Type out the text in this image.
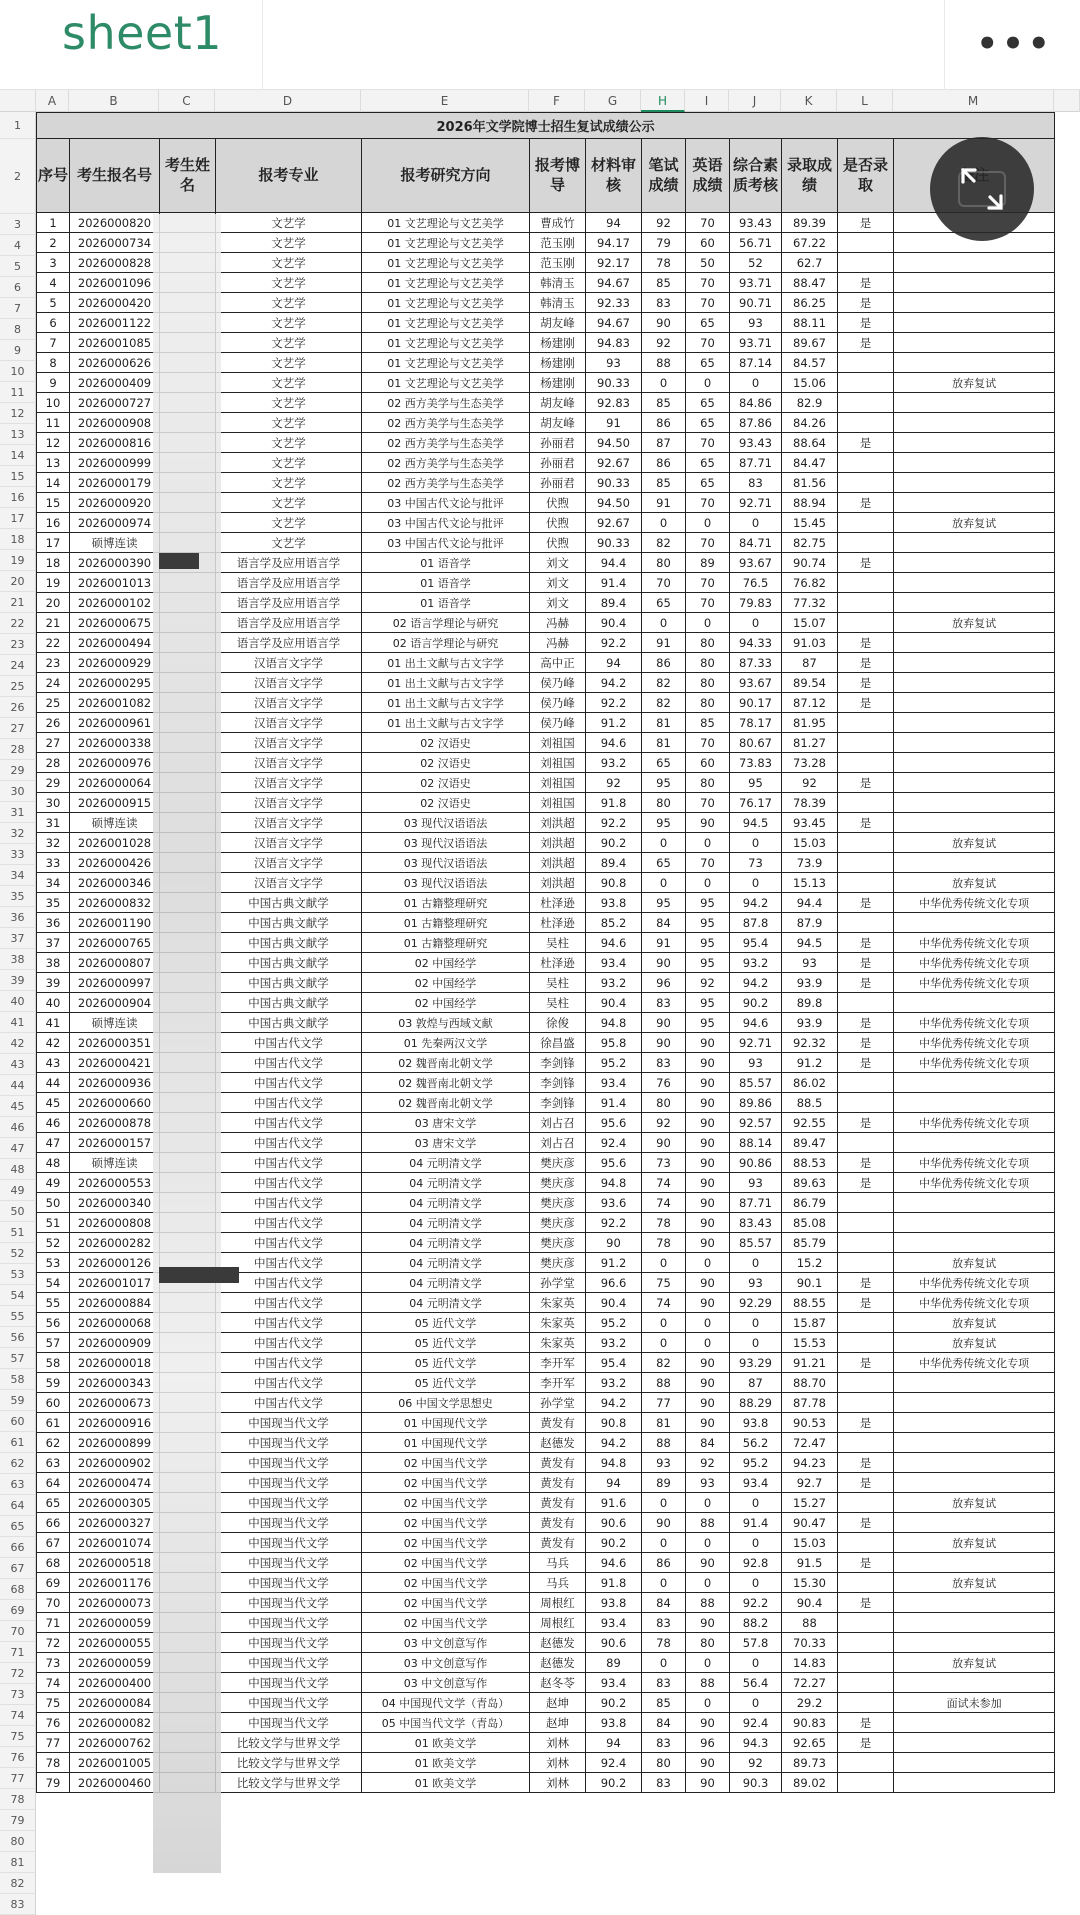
sheet1	•••
A	B	C	D	E	F	G	H	I	J	K	L	M
2026年文学院博士招生复试成绩公示												
序号	考生报名号	考生姓名	报考专业	报考研究方向	报考博导	材料审核	笔试成绩	英语成绩	综合素质考核	录取成绩	是否录取	
1	2026000820		文艺学	01 文艺理论与文艺美学	曹成竹	94	92	70	93.43	89.39	是	
2	2026000734		文艺学	01 文艺理论与文艺美学	范玉刚	94.17	79	60	56.71	67.22		
3	2026000828		文艺学	01 文艺理论与文艺美学	范玉刚	92.17	78	50	52	62.7		
4	2026001096		文艺学	01 文艺理论与文艺美学	韩清玉	94.67	85	70	93.71	88.47	是	
5	2026000420		文艺学	01 文艺理论与文艺美学	韩清玉	92.33	83	70	90.71	86.25	是	
6	2026001122		文艺学	01 文艺理论与文艺美学	胡友峰	94.67	90	65	93	88.11	是	
7	2026001085		文艺学	01 文艺理论与文艺美学	杨建刚	94.83	92	70	93.71	89.67	是	
8	2026000626		文艺学	01 文艺理论与文艺美学	杨建刚	93	88	65	87.14	84.57		
9	2026000409		文艺学	01 文艺理论与文艺美学	杨建刚	90.33	0	0	0	15.06		放弃复试
10	2026000727		文艺学	02 西方美学与生态美学	胡友峰	92.83	85	65	84.86	82.9		
11	2026000908		文艺学	02 西方美学与生态美学	胡友峰	91	86	65	87.86	84.26		
12	2026000816		文艺学	02 西方美学与生态美学	孙丽君	94.50	87	70	93.43	88.64	是	
13	2026000999		文艺学	02 西方美学与生态美学	孙丽君	92.67	86	65	87.71	84.47		
14	2026000179		文艺学	02 西方美学与生态美学	孙丽君	90.33	85	65	83	81.56		
15	2026000920		文艺学	03 中国古代文论与批评	伏煦	94.50	91	70	92.71	88.94	是	
16	2026000974		文艺学	03 中国古代文论与批评	伏煦	92.67	0	0	0	15.45		放弃复试
17	硕博连读		文艺学	03 中国古代文论与批评	伏煦	90.33	82	70	84.71	82.75		
18	2026000390		语言学及应用语言学	01 语音学	刘文	94.4	80	89	93.67	90.74	是	
19	2026001013		语言学及应用语言学	01 语音学	刘文	91.4	70	70	76.5	76.82		
20	2026000102		语言学及应用语言学	01 语音学	刘文	89.4	65	70	79.83	77.32		
21	2026000675		语言学及应用语言学	02 语言学理论与研究	冯赫	90.4	0	0	0	15.07		放弃复试
22	2026000494		语言学及应用语言学	02 语言学理论与研究	冯赫	92.2	91	80	94.33	91.03	是	
23	2026000929		汉语言文字学	01 出土文献与古文字学	高中正	94	86	80	87.33	87	是	
24	2026000295		汉语言文字学	01 出土文献与古文字学	侯乃峰	94.2	82	80	93.67	89.54	是	
25	2026001082		汉语言文字学	01 出土文献与古文字学	侯乃峰	92.2	82	80	90.17	87.12	是	
26	2026000961		汉语言文字学	01 出土文献与古文字学	侯乃峰	91.2	81	85	78.17	81.95		
27	2026000338		汉语言文字学	02 汉语史	刘祖国	94.6	81	70	80.67	81.27		
28	2026000976		汉语言文字学	02 汉语史	刘祖国	93.2	65	60	73.83	73.28		
29	2026000064		汉语言文字学	02 汉语史	刘祖国	92	95	80	95	92	是	
30	2026000915		汉语言文字学	02 汉语史	刘祖国	91.8	80	70	76.17	78.39		
31	硕博连读		汉语言文字学	03 现代汉语语法	刘洪超	92.2	95	90	94.5	93.45	是	
32	2026001028		汉语言文字学	03 现代汉语语法	刘洪超	90.2	0	0	0	15.03		放弃复试
33	2026000426		汉语言文字学	03 现代汉语语法	刘洪超	89.4	65	70	73	73.9		
34	2026000346		汉语言文字学	03 现代汉语语法	刘洪超	90.8	0	0	0	15.13		放弃复试
35	2026000832		中国古典文献学	01 古籍整理研究	杜泽逊	93.8	95	95	94.2	94.4	是	中华优秀传统文化专项
36	2026001190		中国古典文献学	01 古籍整理研究	杜泽逊	85.2	84	95	87.8	87.9		
37	2026000765		中国古典文献学	01 古籍整理研究	吴柱	94.6	91	95	95.4	94.5	是	中华优秀传统文化专项
38	2026000807		中国古典文献学	02 中国经学	杜泽逊	93.4	90	95	93.2	93	是	中华优秀传统文化专项
39	2026000997		中国古典文献学	02 中国经学	吴柱	93.2	96	92	94.2	93.9	是	中华优秀传统文化专项
40	2026000904		中国古典文献学	02 中国经学	吴柱	90.4	83	95	90.2	89.8		
41	硕博连读		中国古典文献学	03 敦煌与西域文献	徐俊	94.8	90	95	94.6	93.9	是	中华优秀传统文化专项
42	2026000351		中国古代文学	01 先秦两汉文学	徐昌盛	95.8	90	90	92.71	92.32	是	中华优秀传统文化专项
43	2026000421		中国古代文学	02 魏晋南北朝文学	李剑锋	95.2	83	90	93	91.2	是	中华优秀传统文化专项
44	2026000936		中国古代文学	02 魏晋南北朝文学	李剑锋	93.4	76	90	85.57	86.02		
45	2026000660		中国古代文学	02 魏晋南北朝文学	李剑锋	91.4	80	90	89.86	88.5		
46	2026000878		中国古代文学	03 唐宋文学	刘占召	95.6	92	90	92.57	92.55	是	中华优秀传统文化专项
47	2026000157		中国古代文学	03 唐宋文学	刘占召	92.4	90	90	88.14	89.47		
48	硕博连读		中国古代文学	04 元明清文学	樊庆彦	95.6	73	90	90.86	88.53	是	中华优秀传统文化专项
49	2026000553		中国古代文学	04 元明清文学	樊庆彦	94.8	74	90	93	89.63	是	中华优秀传统文化专项
50	2026000340		中国古代文学	04 元明清文学	樊庆彦	93.6	74	90	87.71	86.79		
51	2026000808		中国古代文学	04 元明清文学	樊庆彦	92.2	78	90	83.43	85.08		
52	2026000282		中国古代文学	04 元明清文学	樊庆彦	90	78	90	85.57	85.79		
53	2026000126		中国古代文学	04 元明清文学	樊庆彦	91.2	0	0	0	15.2		放弃复试
54	2026001017		中国古代文学	04 元明清文学	孙学堂	96.6	75	90	93	90.1	是	中华优秀传统文化专项
55	2026000884		中国古代文学	04 元明清文学	朱家英	90.4	74	90	92.29	88.55	是	中华优秀传统文化专项
56	2026000068		中国古代文学	05 近代文学	朱家英	95.2	0	0	0	15.87		放弃复试
57	2026000909		中国古代文学	05 近代文学	朱家英	93.2	0	0	0	15.53		放弃复试
58	2026000018		中国古代文学	05 近代文学	李开军	95.4	82	90	93.29	91.21	是	中华优秀传统文化专项
59	2026000343		中国古代文学	05 近代文学	李开军	93.2	88	90	87	88.70		
60	2026000673		中国古代文学	06 中国文学思想史	孙学堂	94.2	77	90	88.29	87.78		
61	2026000916		中国现当代文学	01 中国现代文学	黄发有	90.8	81	90	93.8	90.53	是	
62	2026000899		中国现当代文学	01 中国现代文学	赵德发	94.2	88	84	56.2	72.47		
63	2026000902		中国现当代文学	02 中国当代文学	黄发有	94.8	93	92	95.2	94.23	是	
64	2026000474		中国现当代文学	02 中国当代文学	黄发有	94	89	93	93.4	92.7	是	
65	2026000305		中国现当代文学	02 中国当代文学	黄发有	91.6	0	0	0	15.27		放弃复试
66	2026000327		中国现当代文学	02 中国当代文学	黄发有	90.6	90	88	91.4	90.47	是	
67	2026001074		中国现当代文学	02 中国当代文学	黄发有	90.2	0	0	0	15.03		放弃复试
68	2026000518		中国现当代文学	02 中国当代文学	马兵	94.6	86	90	92.8	91.5	是	
69	2026001176		中国现当代文学	02 中国当代文学	马兵	91.8	0	0	0	15.30		放弃复试
70	2026000073		中国现当代文学	02 中国当代文学	周根红	93.8	84	88	92.2	90.4	是	
71	2026000059		中国现当代文学	02 中国当代文学	周根红	93.4	83	90	88.2	88		
72	2026000055		中国现当代文学	03 中文创意写作	赵德发	90.6	78	80	57.8	70.33		
73	2026000059		中国现当代文学	03 中文创意写作	赵德发	89	0	0	0	14.83		放弃复试
74	2026000400		中国现当代文学	03 中文创意写作	赵冬苓	93.4	83	88	56.4	72.27		
75	2026000084		中国现当代文学	04 中国现代文学（青岛）	赵坤	90.2	85	0	0	29.2		面试未参加
76	2026000082		中国现当代文学	05 中国当代文学（青岛）	赵坤	93.8	84	90	92.4	90.83	是	
77	2026000762		比较文学与世界文学	01 欧美文学	刘林	94	83	96	94.3	92.65	是	
78	2026001005		比较文学与世界文学	01 欧美文学	刘林	92.4	80	90	92	89.73		
79	2026000460		比较文学与世界文学	01 欧美文学	刘林	90.2	83	90	90.3	89.02		
1
2
3
4
5
6
7
8
9
10
11
12
13
14
15
16
17
18
19
20
21
22
23
24
25
26
27
28
29
30
31
32
33
34
35
36
37
38
39
40
41
42
43
44
45
46
47
48
49
50
51
52
53
54
55
56
57
58
59
60
61
62
63
64
65
66
67
68
69
70
71
72
73
74
75
76
77
78
79
80
81
82
83
